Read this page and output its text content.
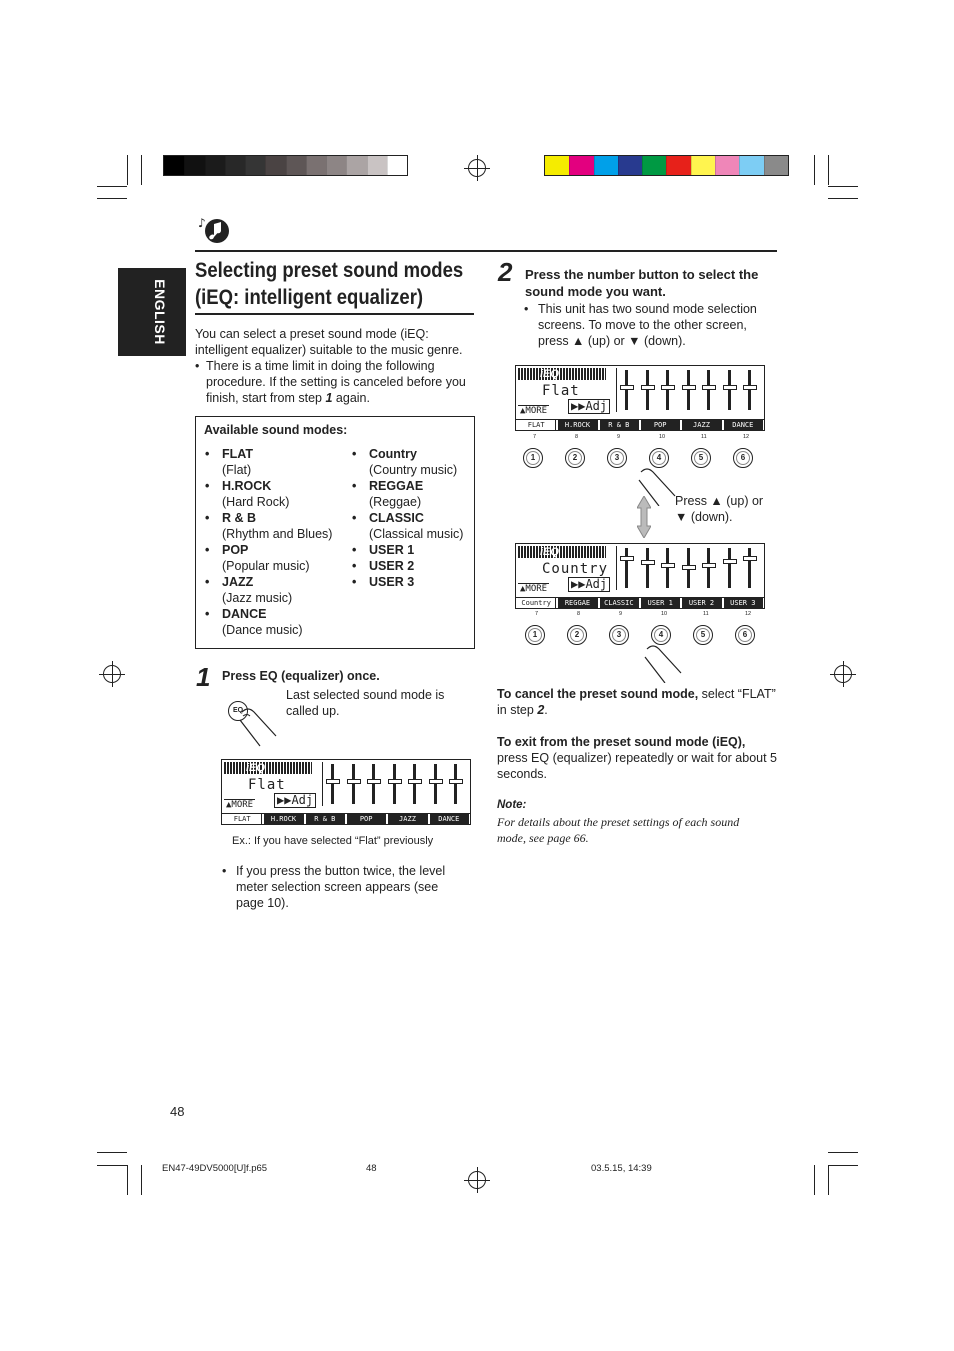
♪
ENGLISH
Selecting preset sound modes
(iEQ: intelligent equalizer)

You can select a preset sound mode (iEQ: intelligent equalizer) suitable to the music genre.

• There is a time limit in doing the following procedure. If the setting is canceled before you finish, start from step 1 again.

Available sound modes:
• FLAT
(Flat)
• H.ROCK
(Hard Rock)
• R & B
(Rhythm and Blues)
• POP
(Popular music)
• JAZZ
(Jazz music)
• DANCE
(Dance music)
• Country
(Country music)
• REGGAE
(Reggae)
• CLASSIC
(Classical music)
• USER 1
• USER 2
• USER 3
1 Press EQ (equalizer) once.

Last selected sound mode is called up.

EQ
iEQ
Flat
▲MORE ▶▶Adj
FLAT	H.ROCK	R & B	POP	JAZZ	DANCE
Ex.: If you have selected “Flat” previously
• If you press the button twice, the level meter selection screen appears (see page 10).

2 Press the number button to select the sound mode you want.

• This unit has two sound mode selection screens. To move to the other screen, press ▲ (up) or ▼ (down).

iEQ
Flat
▲MORE ▶▶Adj
FLAT	H.ROCK	R & B	POP	JAZZ	DANCE
7	8	9	10	11	12
1	2	3	4	5	6

Press ▲ (up) or ▼ (down).

iEQ
Country
▲MORE ▶▶Adj
Country	REGGAE	CLASSIC	USER 1	USER 2	USER 3
7	8	9	10	11	12
1	2	3	4	5	6

To cancel the preset sound mode, select “FLAT” in step 2.

To exit from the preset sound mode (iEQ),
press EQ (equalizer) repeatedly or wait for about 5 seconds.

Note:

For details about the preset settings of each sound mode, see page 66.

48
EN47-49DV5000[U]f.p65	48	03.5.15, 14:39
